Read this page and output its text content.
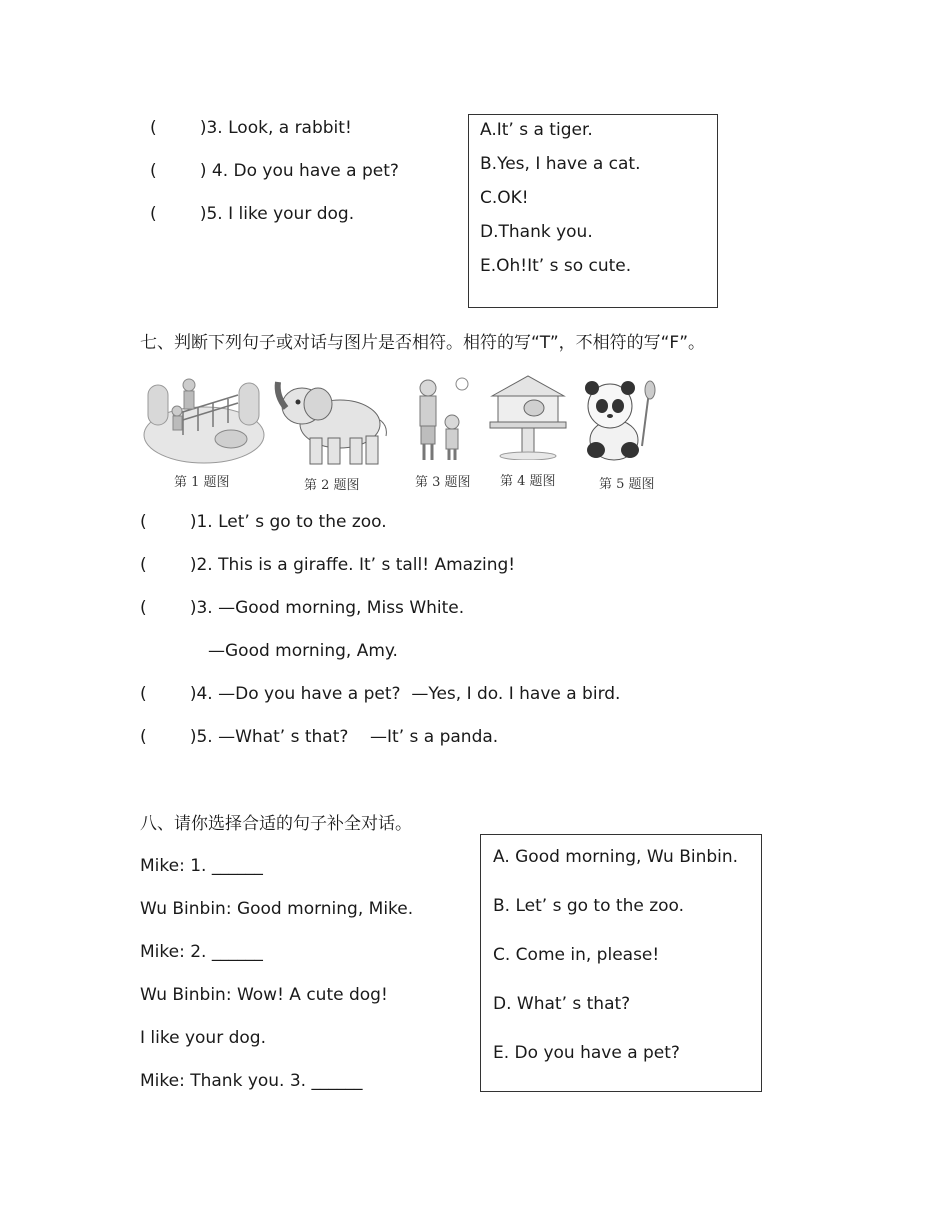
(        )3. Look, a rabbit!
(        ) 4. Do you have a pet?
(        )5. I like your dog.
A.It’ s a tiger.
B.Yes, I have a cat.
C.OK!
D.Thank you.
E.Oh!It’ s so cute.
七、判断下列句子或对话与图片是否相符。相符的写“T”，不相符的写“F”。
第 1 题图	第 2 题图	第 3 题图 第 4 题图	第 5 题图
(        )1. Let’ s go to the zoo.
(        )2. This is a giraffe. It’ s tall! Amazing!
(        )3. —Good morning, Miss White.
—Good morning, Amy.
(        )4. —Do you have a pet?  —Yes, I do. I have a bird.
(        )5. —What’ s that?    —It’ s a panda.
八、请你选择合适的句子补全对话。
Mike: 1. ______
Wu Binbin: Good morning, Mike.
Mike: 2. ______
Wu Binbin: Wow! A cute dog!
I like your dog.
Mike: Thank you. 3. ______
A. Good morning, Wu Binbin.
B. Let’ s go to the zoo.
C. Come in, please!
D. What’ s that?
E. Do you have a pet?
